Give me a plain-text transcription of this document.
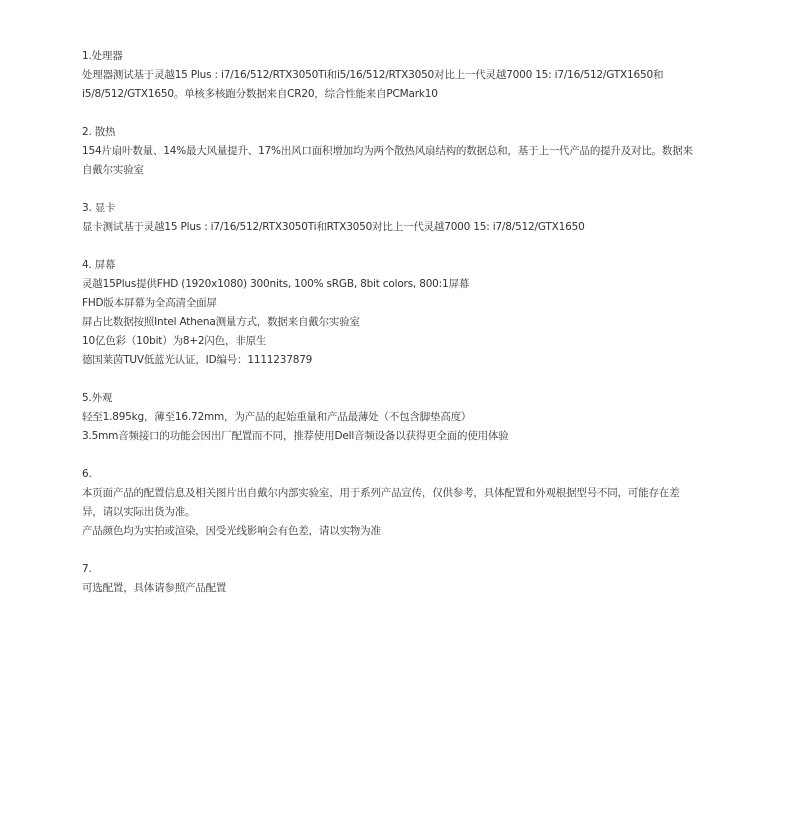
1.处理器
处理器测试基于灵越15 Plus : i7/16/512/RTX3050Ti和i5/16/512/RTX3050对比上一代灵越7000 15: i7/16/512/GTX1650和
i5/8/512/GTX1650。单核多核跑分数据来自CR20，综合性能来自PCMark10
2. 散热
154片扇叶数量、14%最大风量提升、17%出风口面积增加均为两个散热风扇结构的数据总和，基于上一代产品的提升及对比。数据来
自戴尔实验室
3. 显卡
显卡测试基于灵越15 Plus : i7/16/512/RTX3050Ti和RTX3050对比上一代灵越7000 15: i7/8/512/GTX1650
4. 屏幕
灵越15Plus提供FHD (1920x1080) 300nits, 100% sRGB, 8bit colors, 800:1屏幕
FHD版本屏幕为全高清全面屏
屏占比数据按照Intel Athena测量方式，数据来自戴尔实验室
10亿色彩（10bit）为8+2闪色，非原生
德国莱茵TUV低蓝光认证，ID编号：1111237879
5.外观
轻至1.895kg，薄至16.72mm，为产品的起始重量和产品最薄处（不包含脚垫高度）
3.5mm音频接口的功能会因出厂配置而不同，推荐使用Dell音频设备以获得更全面的使用体验
6.
本页面产品的配置信息及相关图片出自戴尔内部实验室，用于系列产品宣传，仅供参考，具体配置和外观根据型号不同，可能存在差
异，请以实际出货为准。
产品颜色均为实拍或渲染，因受光线影响会有色差，请以实物为准
7.
可选配置，具体请参照产品配置
